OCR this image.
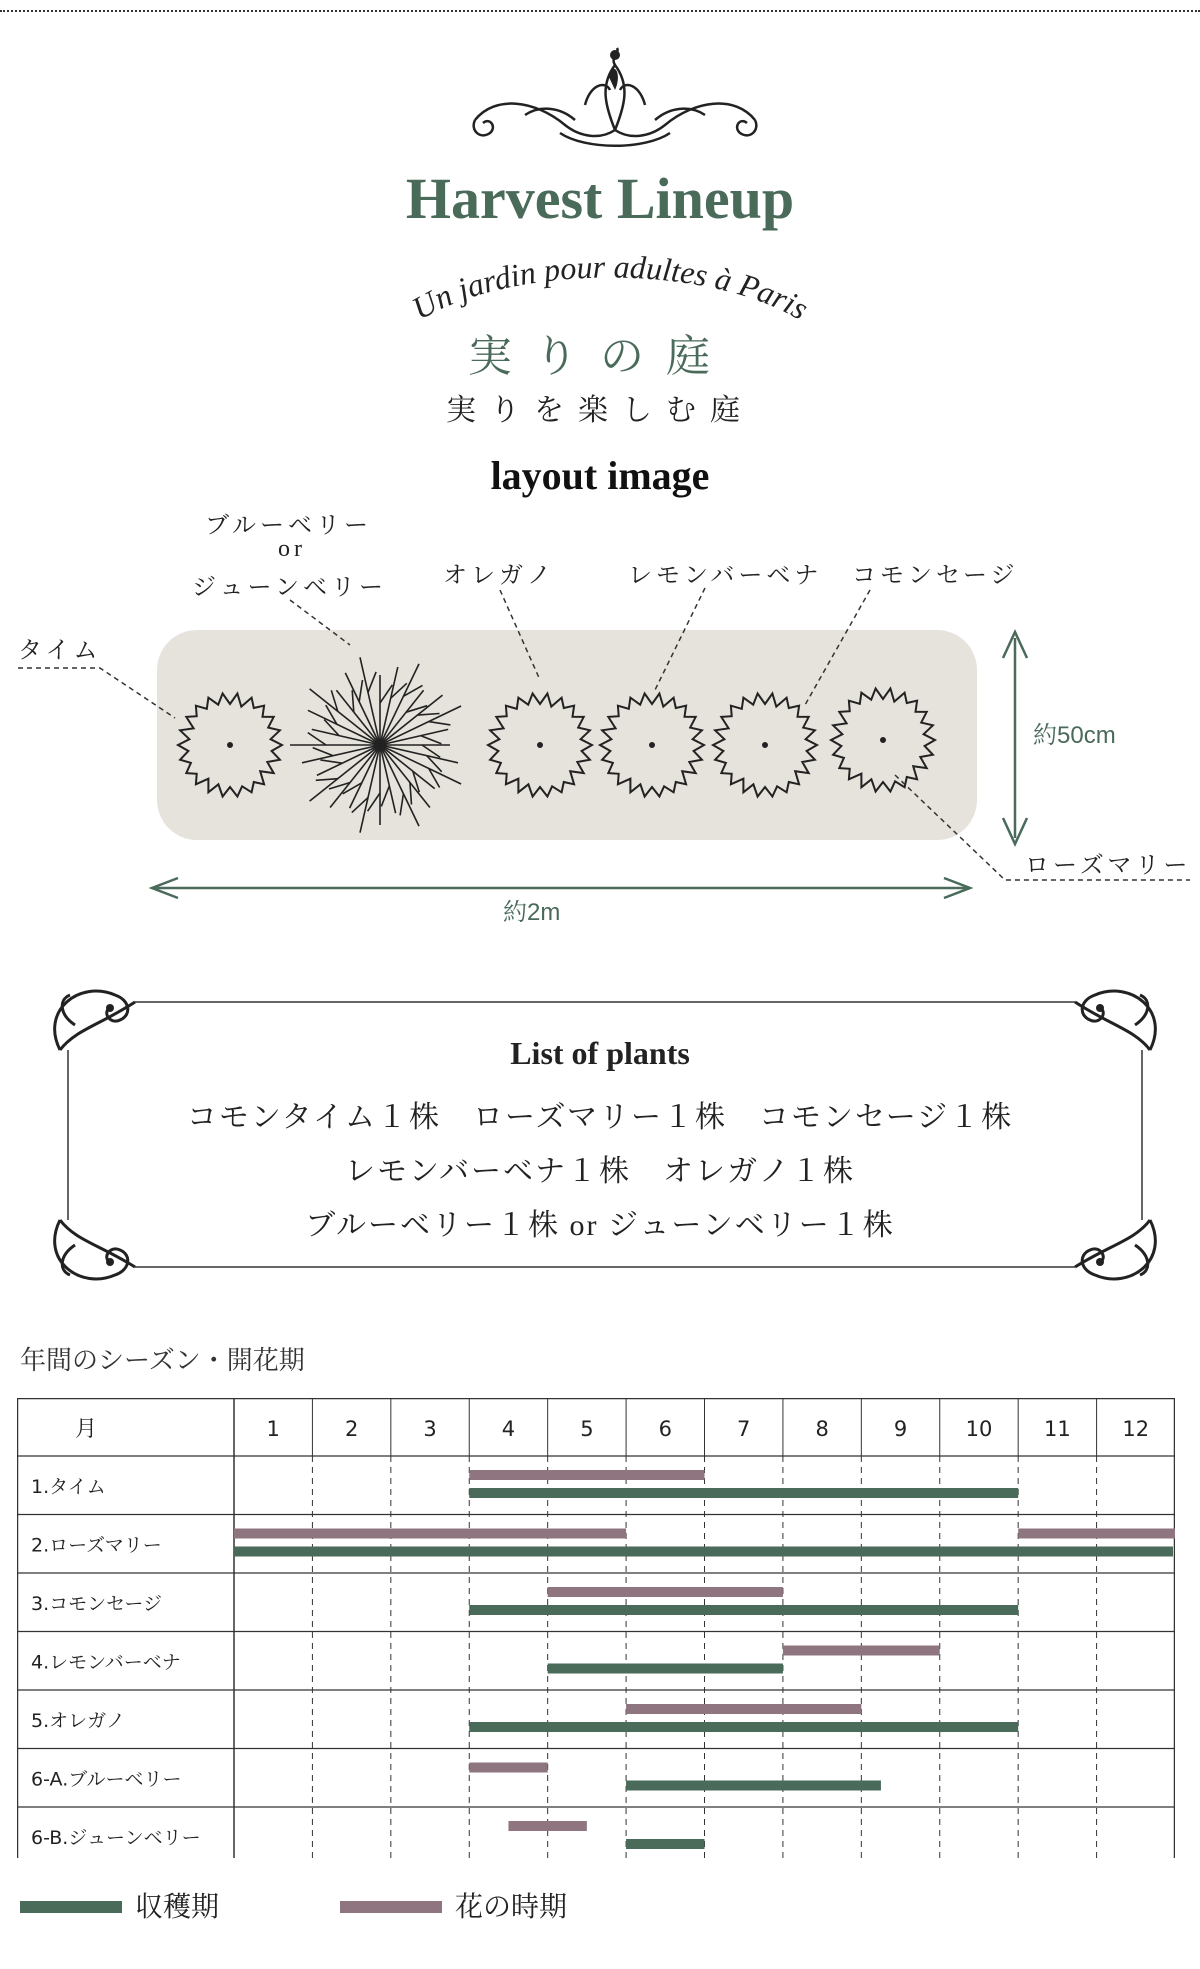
Harvest Lineup
Un jardin pour adultes à Paris
実りの庭
実りを楽しむ庭
layout image
タイム
ブルーベリー
or
ジューンベリー オレガノ	レモンバーベナ コモンセージ
ローズマリー
約50cm
約2m
List of plants
コモンタイム１株　ローズマリー１株　コモンセージ１株
レモンバーベナ１株　オレガノ１株
ブルーベリー１株 or ジューンベリー１株
年間のシーズン・開花期
月	1	2	3	4	5	6	7	8	9	10 11 12
1.タイム
2.ローズマリー
3.コモンセージ
4.レモンバーベナ
5.オレガノ
6-A.ブルーベリー
6-B.ジューンベリー
収穫期	花の時期
